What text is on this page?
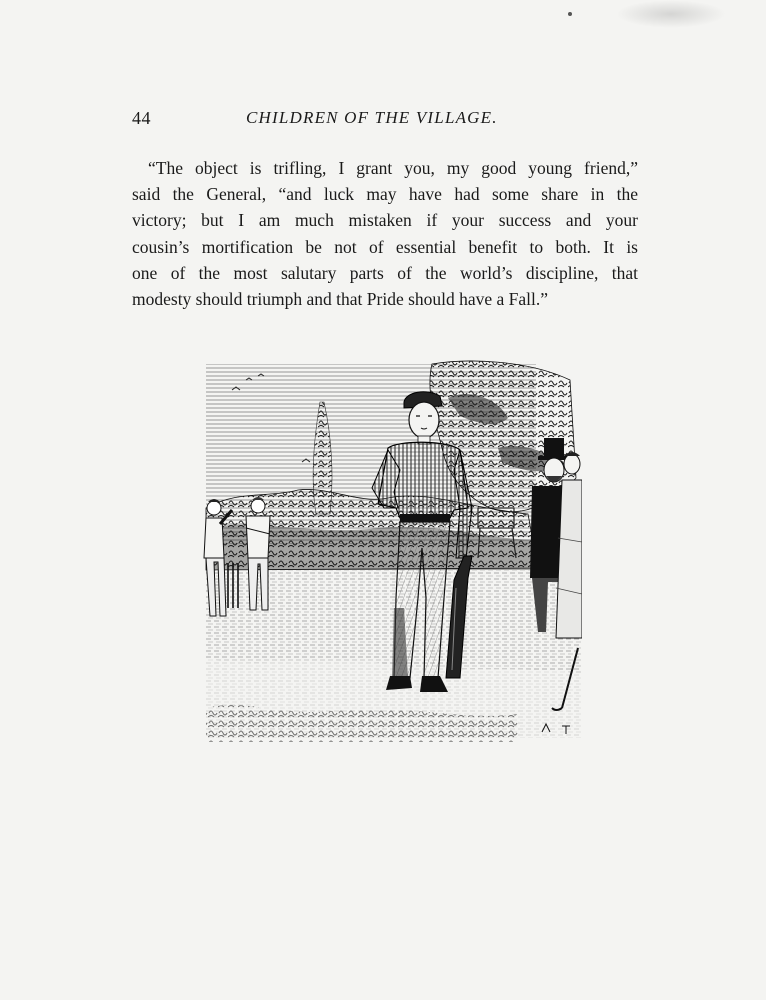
44	CHILDREN OF THE VILLAGE.

“The object is trifling, I grant you, my good young friend,”
said the General, “and luck may have had some share in the
victory; but I am much mistaken if your success and your
cousin’s mortification be not of essential benefit to both. It is
one of the most salutary parts of the world’s discipline, that
modesty should triumph and that Pride should have a Fall.”
